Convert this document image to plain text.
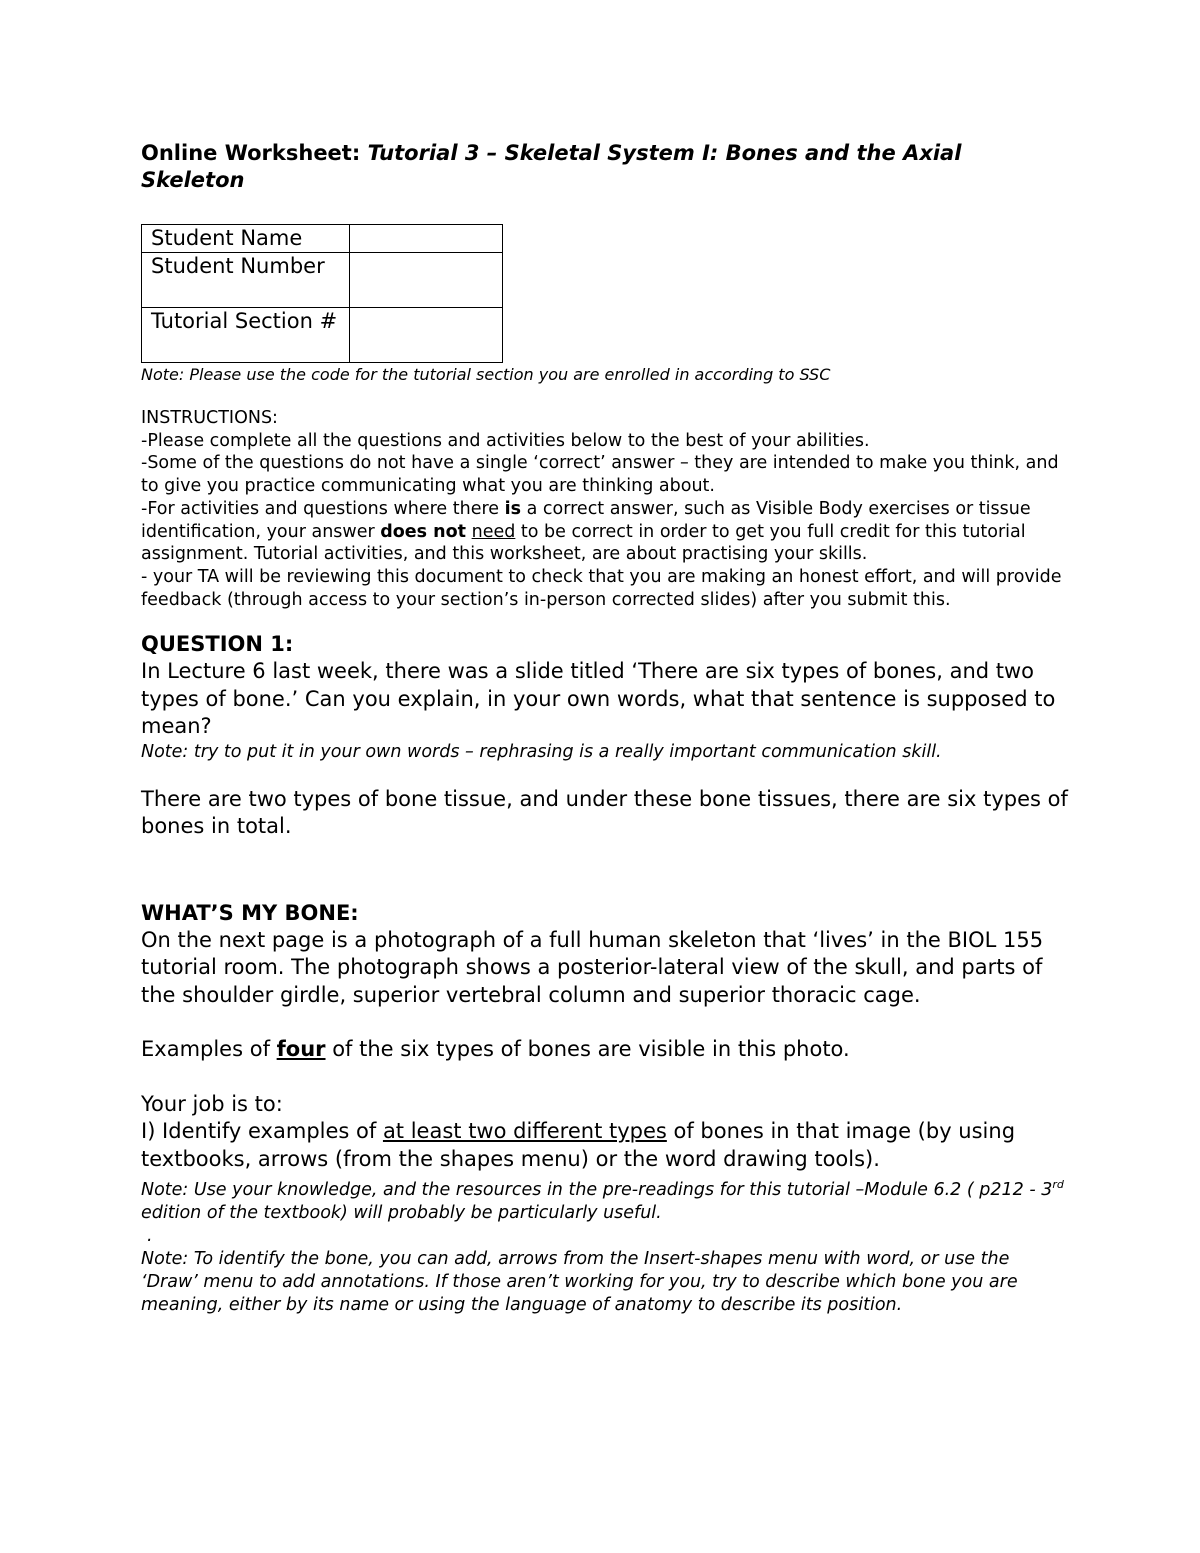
Online Worksheet: Tutorial 3 – Skeletal System I: Bones and the Axial Skeleton

Student Name	
Student Number	
Tutorial Section #	

Note: Please use the code for the tutorial section you are enrolled in according to SSC

INSTRUCTIONS:

-Please complete all the questions and activities below to the best of your abilities.

-Some of the questions do not have a single ‘correct’ answer – they are intended to make you think, and to give you practice communicating what you are thinking about.

-For activities and questions where there is a correct answer, such as Visible Body exercises or tissue identification, your answer does not need to be correct in order to get you full credit for this tutorial assignment. Tutorial activities, and this worksheet, are about practising your skills.

- your TA will be reviewing this document to check that you are making an honest effort, and will provide feedback (through access to your section’s in-person corrected slides) after you submit this.

QUESTION 1:

In Lecture 6 last week, there was a slide titled ‘There are six types of bones, and two types of bone.’ Can you explain, in your own words, what that sentence is supposed to mean?

Note: try to put it in your own words – rephrasing is a really important communication skill.

There are two types of bone tissue, and under these bone tissues, there are six types of bones in total.

WHAT’S MY BONE:

On the next page is a photograph of a full human skeleton that ‘lives’ in the BIOL 155 tutorial room. The photograph shows a posterior-lateral view of the skull, and parts of the shoulder girdle, superior vertebral column and superior thoracic cage.

Examples of four of the six types of bones are visible in this photo.

Your job is to:

I) Identify examples of at least two different types of bones in that image (by using textbooks, arrows (from the shapes menu) or the word drawing tools).

Note: Use your knowledge, and the resources in the pre-readings for this tutorial –Module 6.2 ( p212 - 3rd edition of the textbook) will probably be particularly useful.

.

Note: To identify the bone, you can add, arrows from the Insert-shapes menu with word, or use the ‘Draw’ menu to add annotations. If those aren’t working for you, try to describe which bone you are meaning, either by its name or using the language of anatomy to describe its position.
